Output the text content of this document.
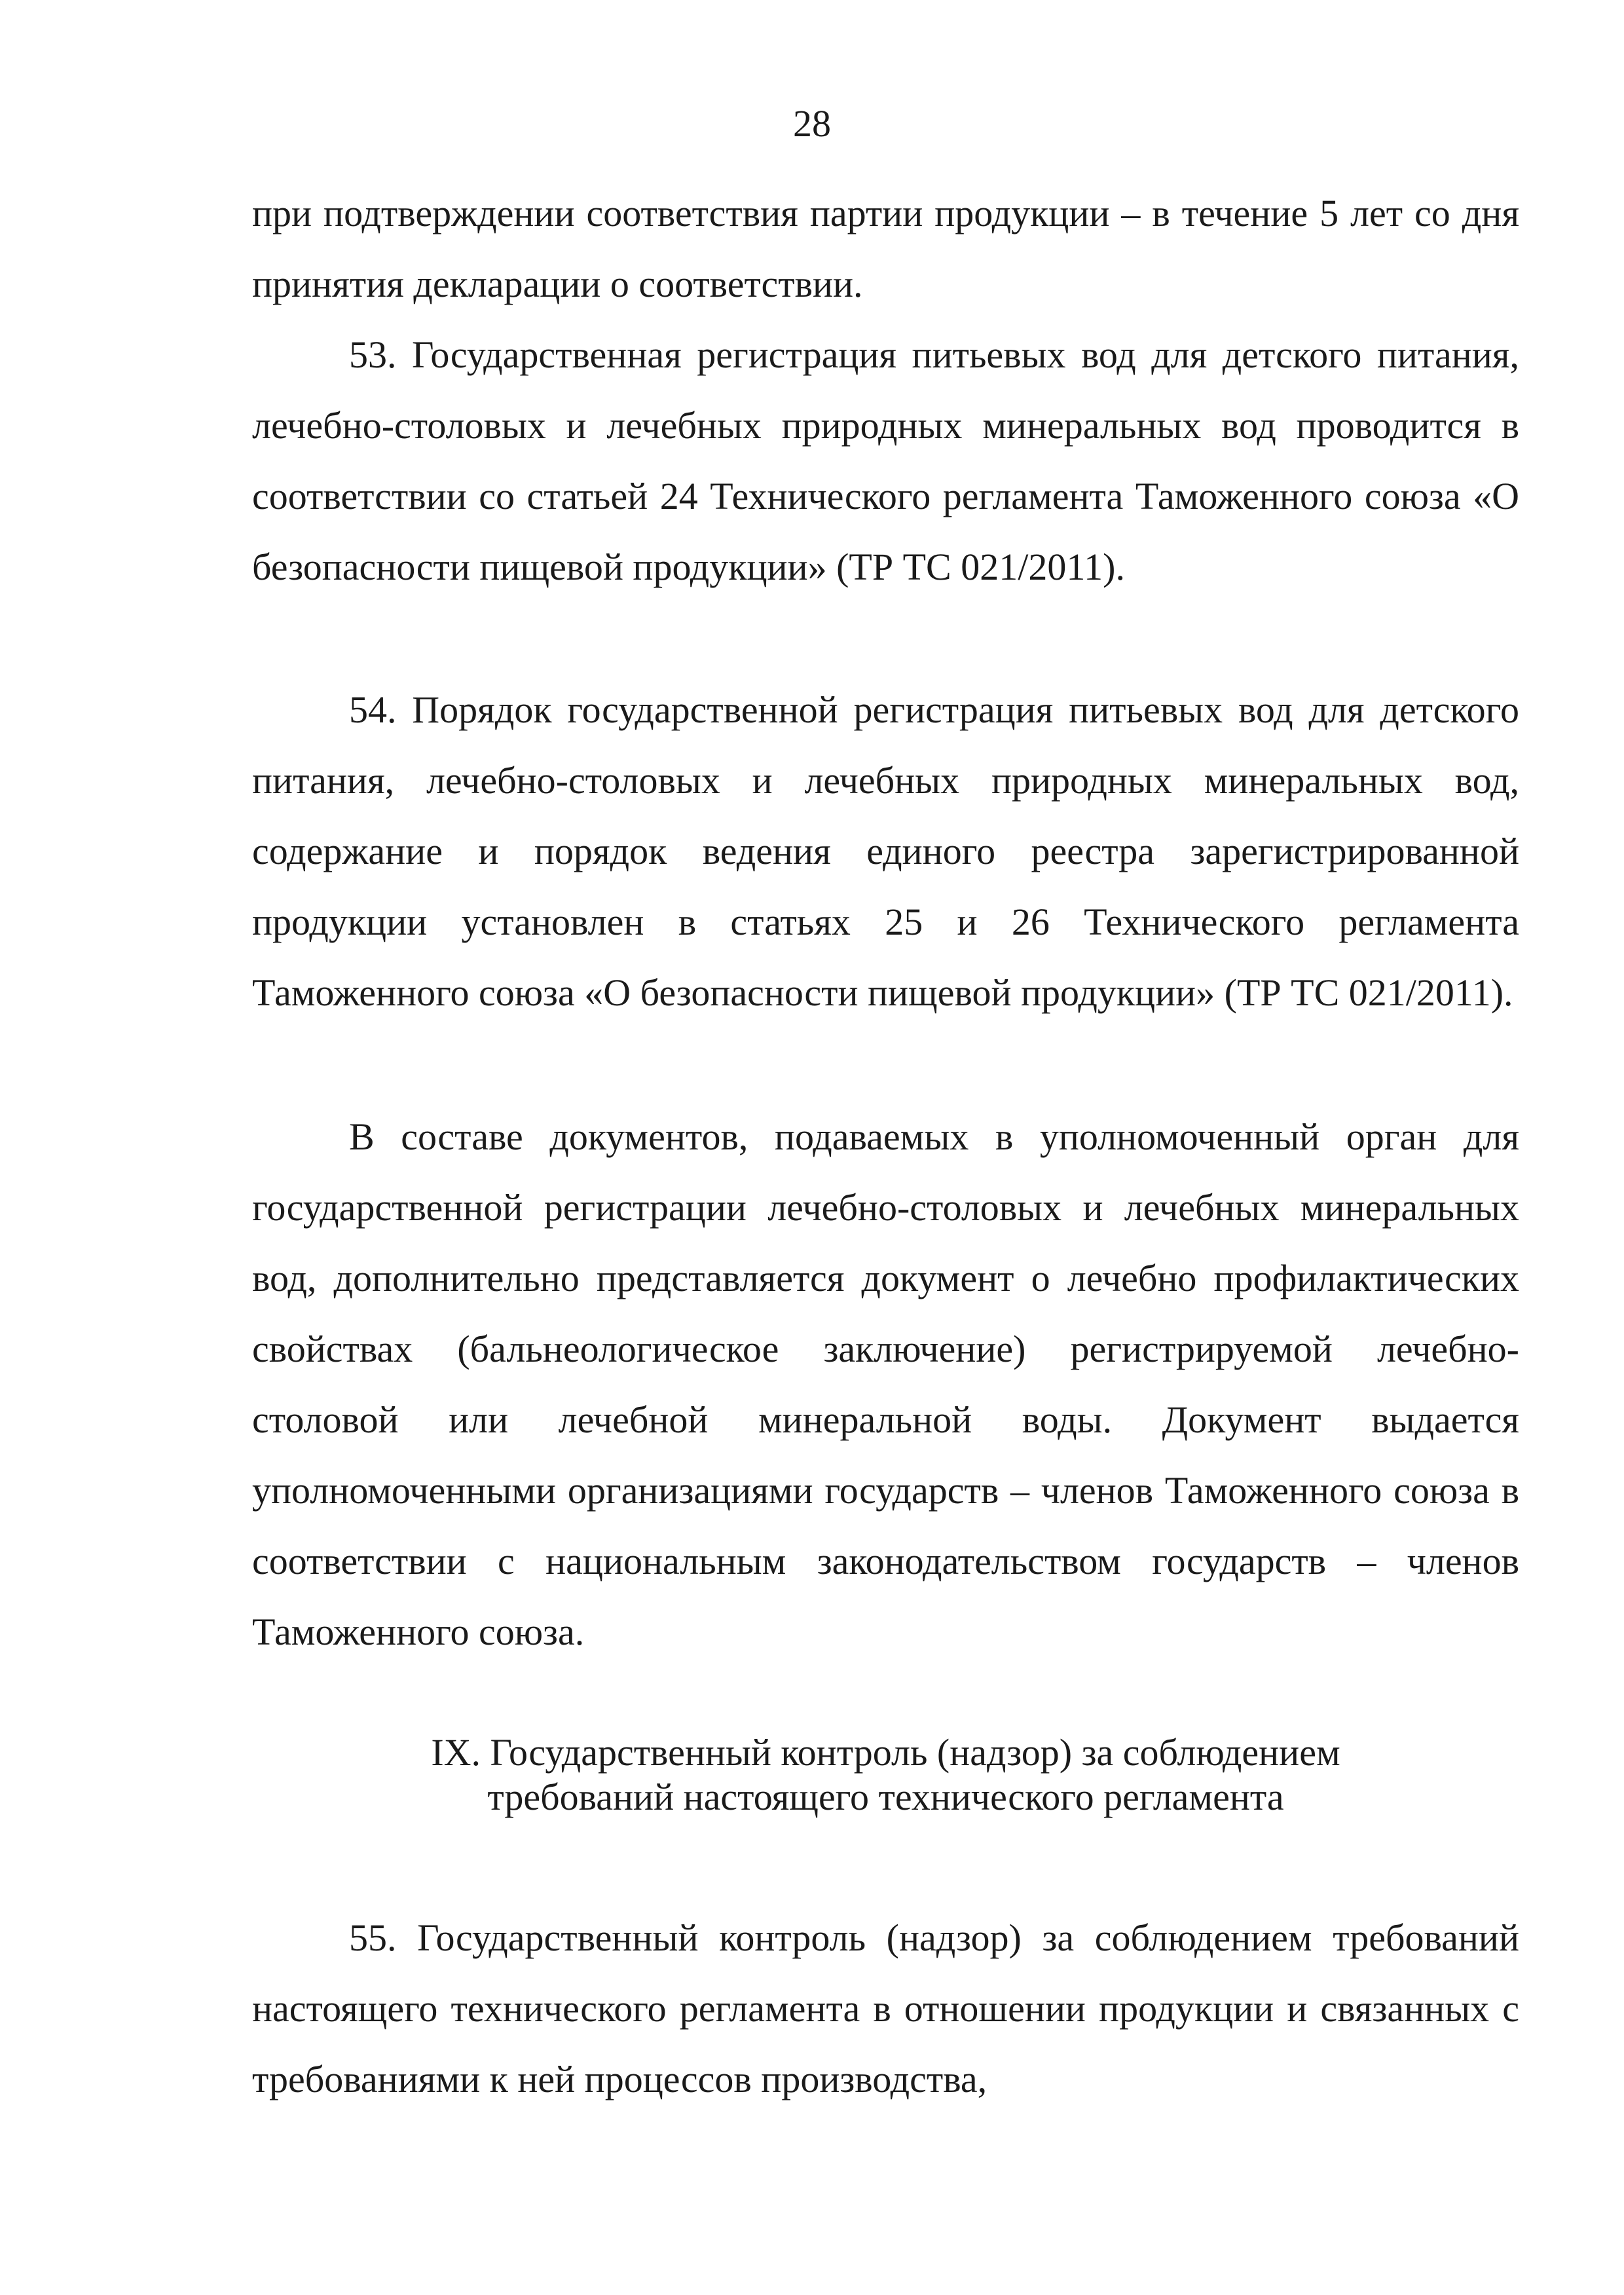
28

при подтверждении соответствия партии продукции – в течение 5 лет со дня принятия декларации о соответствии.

53. Государственная регистрация питьевых вод для детского питания, лечебно-столовых и лечебных природных минеральных вод проводится в соответствии со статьей 24 Технического регламента Таможенного союза «О безопасности пищевой продукции» (ТР ТС 021/2011).

54. Порядок государственной регистрация питьевых вод для детского питания, лечебно-столовых и лечебных природных минеральных вод, содержание и порядок ведения единого реестра зарегистрированной продукции установлен в статьях 25 и 26 Технического регламента Таможенного союза «О безопасности пищевой продукции» (ТР ТС 021/2011).

В составе документов, подаваемых в уполномоченный орган для государственной регистрации лечебно-столовых и лечебных минеральных вод, дополнительно представляется документ о лечебно профилактических свойствах (бальнеологическое заключение) регистрируемой лечебно-столовой или лечебной минеральной воды. Документ выдается уполномоченными организациями государств – членов Таможенного союза в соответствии с национальным законодательством государств – членов Таможенного союза.

IX. Государственный контроль (надзор) за соблюдением
требований настоящего технического регламента

55. Государственный контроль (надзор) за соблюдением требований настоящего технического регламента в отношении продукции и связанных с требованиями к ней процессов производства,
